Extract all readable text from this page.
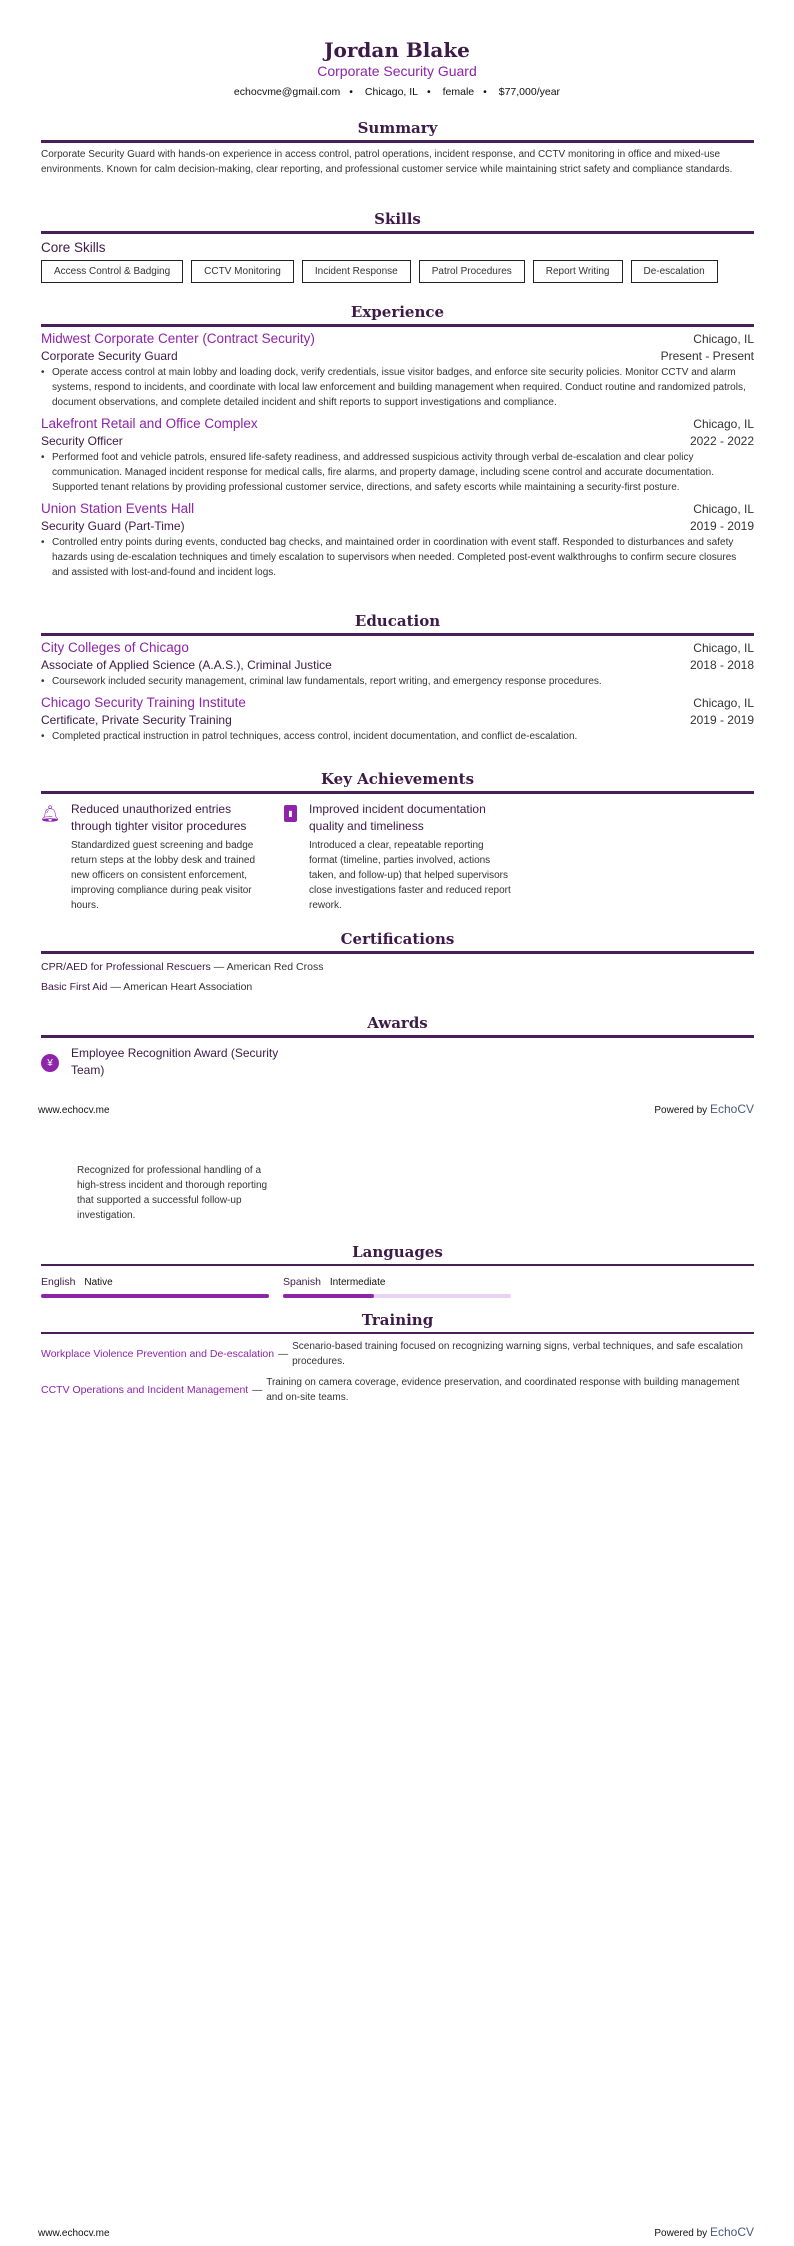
Jordan Blake
Corporate Security Guard
echocvme@gmail.com • Chicago, IL • female • $77,000/year
Summary

Corporate Security Guard with hands-on experience in access control, patrol operations, incident response, and CCTV monitoring in office and mixed-use environments. Known for calm decision-making, clear reporting, and professional customer service while maintaining strict safety and compliance standards.

Skills
Core Skills
Access Control & Badging	CCTV Monitoring	Incident Response	Patrol Procedures	Report Writing	De-escalation
Experience
Midwest Corporate Center (Contract Security)	Chicago, IL
Corporate Security Guard	Present - Present
• Operate access control at main lobby and loading dock, verify credentials, issue visitor badges, and enforce site security policies. Monitor CCTV and alarm systems, respond to incidents, and coordinate with local law enforcement and building management when required. Conduct routine and randomized patrols, document observations, and complete detailed incident and shift reports to support investigations and compliance.
Lakefront Retail and Office Complex	Chicago, IL
Security Officer	2022 - 2022
• Performed foot and vehicle patrols, ensured life-safety readiness, and addressed suspicious activity through verbal de-escalation and clear policy communication. Managed incident response for medical calls, fire alarms, and property damage, including scene control and accurate documentation. Supported tenant relations by providing professional customer service, directions, and safety escorts while maintaining a security-first posture.
Union Station Events Hall	Chicago, IL
Security Guard (Part-Time)	2019 - 2019
• Controlled entry points during events, conducted bag checks, and maintained order in coordination with event staff. Responded to disturbances and safety hazards using de-escalation techniques and timely escalation to supervisors when needed. Completed post-event walkthroughs to confirm secure closures and assisted with lost-and-found and incident logs.
Education
City Colleges of Chicago	Chicago, IL
Associate of Applied Science (A.A.S.), Criminal Justice	2018 - 2018
• Coursework included security management, criminal law fundamentals, report writing, and emergency response procedures.
Chicago Security Training Institute	Chicago, IL
Certificate, Private Security Training	2019 - 2019
• Completed practical instruction in patrol techniques, access control, incident documentation, and conflict de-escalation.
Key Achievements
🔔︎ Reduced unauthorized entries through tighter visitor procedures

Standardized guest screening and badge return steps at the lobby desk and trained new officers on consistent enforcement, improving compliance during peak visitor hours.

▮	Improved incident documentation quality and timeliness

Introduced a clear, repeatable reporting format (timeline, parties involved, actions taken, and follow-up) that helped supervisors close investigations faster and reduced report rework.

Certifications
CPR/AED for Professional Rescuers — American Red Cross
Basic First Aid — American Heart Association
Awards
¥
Employee Recognition Award (Security Team)

Recognized for professional handling of a high-stress incident and thorough reporting that supported a successful follow-up investigation.

www.echocv.me	Powered by EchoCV
Languages
English Native	Spanish Intermediate
Training
Workplace Violence Prevention and De-escalation —
Scenario-based training focused on recognizing warning signs, verbal techniques, and safe escalation procedures.
CCTV Operations and Incident Management —
Training on camera coverage, evidence preservation, and coordinated response with building management and on-site teams.
www.echocv.me	Powered by EchoCV
